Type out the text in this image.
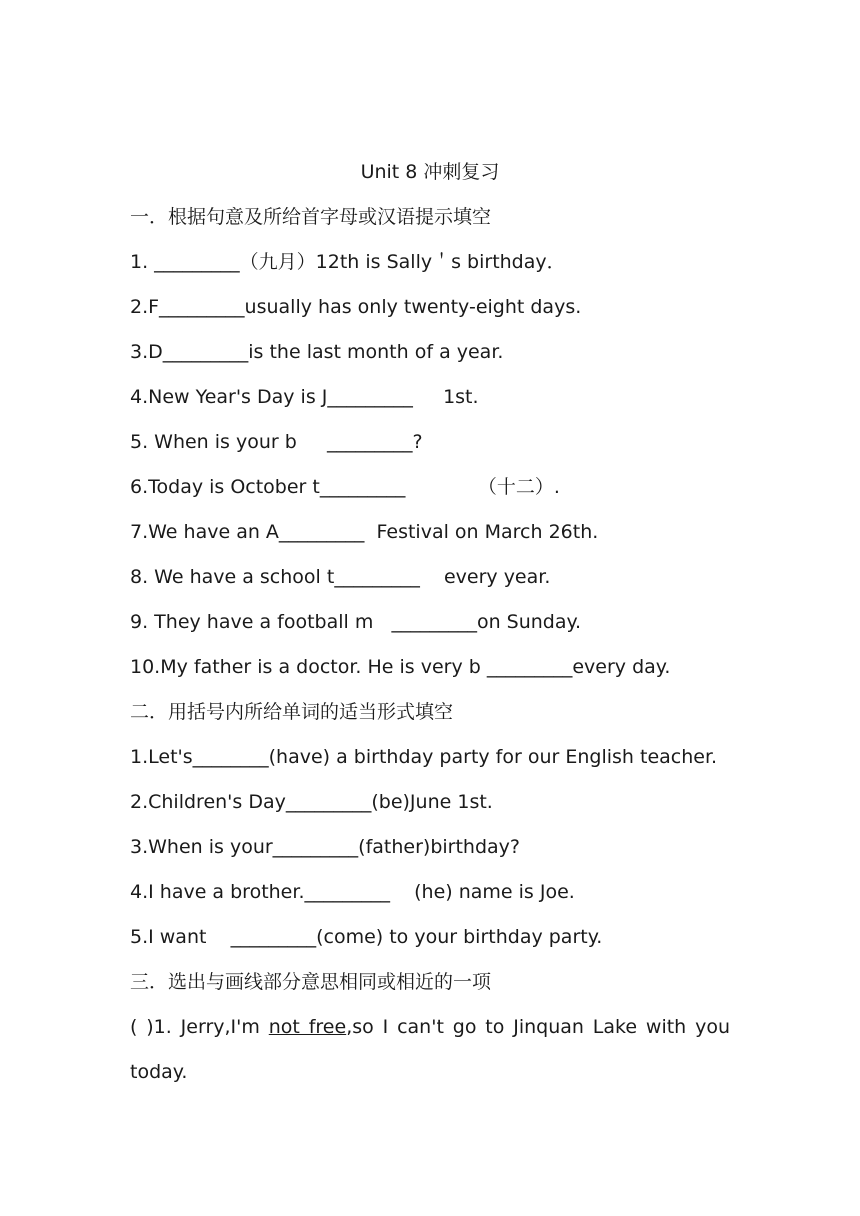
Unit 8 冲刺复习
一．根据句意及所给首字母或汉语提示填空
1. _________（九月）12th is Sally＇s birthday．
2.F_________usually has only twenty-eight days.
3.D_________is the last month of a year.
4.New Year's Day is J_________     1st.
5. When is your b     _________?
6.Today is October t_________            （十二）.
7.We have an A_________  Festival on March 26th.
8. We have a school t_________    every year.
9. They have a football m   _________on Sunday.
10.My father is a doctor. He is very b _________every day.
二．用括号内所给单词的适当形式填空
1.Let's________(have) a birthday party for our English teacher.
2.Children's Day_________(be)June 1st.
3.When is your_________(father)birthday?
4.I have a brother._________    (he) name is Joe.
5.I want    _________(come) to your birthday party.
三．选出与画线部分意思相同或相近的一项
( )1. Jerry,I'm not free,so I can't go to Jinquan Lake with you
today.
